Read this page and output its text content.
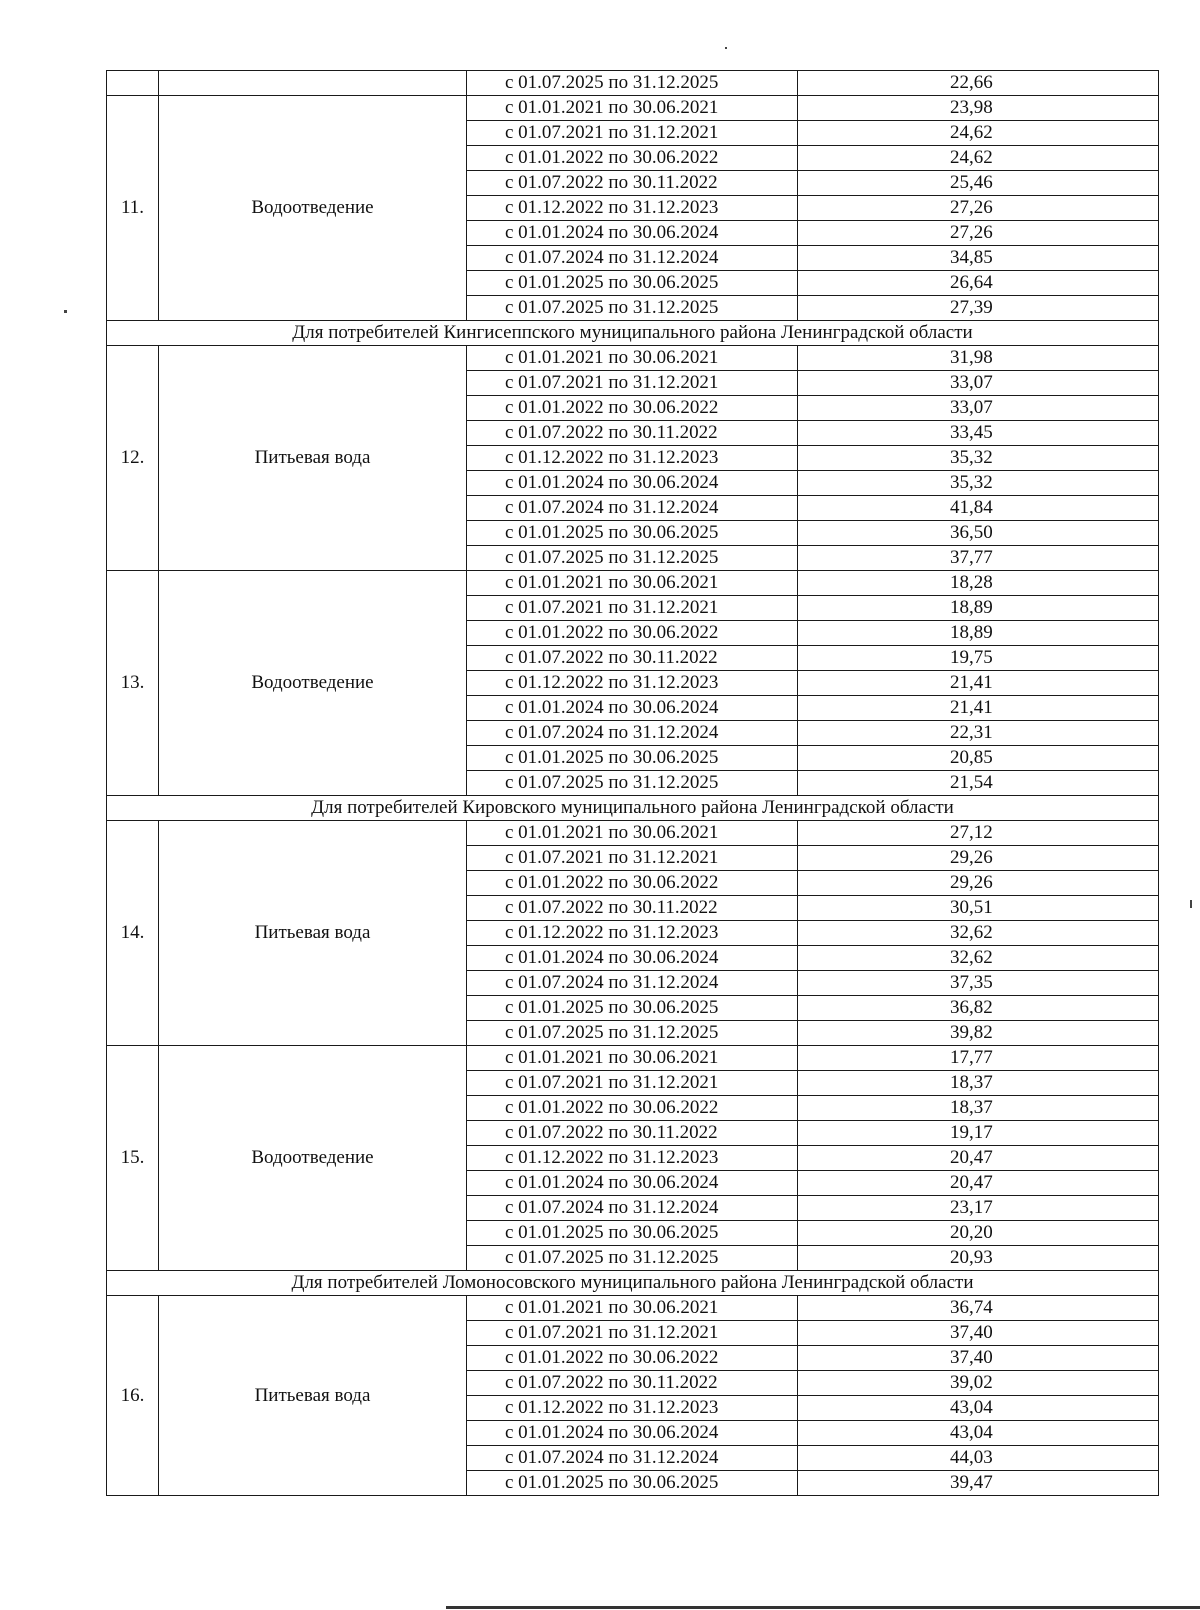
		с 01.07.2025 по 31.12.2025	22,66
11.	Водоотведение	с 01.01.2021 по 30.06.2021	23,98
		с 01.07.2021 по 31.12.2021	24,62
		с 01.01.2022 по 30.06.2022	24,62
		с 01.07.2022 по 30.11.2022	25,46
		с 01.12.2022 по 31.12.2023	27,26
		с 01.01.2024 по 30.06.2024	27,26
		с 01.07.2024 по 31.12.2024	34,85
		с 01.01.2025 по 30.06.2025	26,64
		с 01.07.2025 по 31.12.2025	27,39
Для потребителей Кингисеппского муниципального района Ленинградской области			
12.	Питьевая вода	с 01.01.2021 по 30.06.2021	31,98
		с 01.07.2021 по 31.12.2021	33,07
		с 01.01.2022 по 30.06.2022	33,07
		с 01.07.2022 по 30.11.2022	33,45
		с 01.12.2022 по 31.12.2023	35,32
		с 01.01.2024 по 30.06.2024	35,32
		с 01.07.2024 по 31.12.2024	41,84
		с 01.01.2025 по 30.06.2025	36,50
		с 01.07.2025 по 31.12.2025	37,77
13.	Водоотведение	с 01.01.2021 по 30.06.2021	18,28
		с 01.07.2021 по 31.12.2021	18,89
		с 01.01.2022 по 30.06.2022	18,89
		с 01.07.2022 по 30.11.2022	19,75
		с 01.12.2022 по 31.12.2023	21,41
		с 01.01.2024 по 30.06.2024	21,41
		с 01.07.2024 по 31.12.2024	22,31
		с 01.01.2025 по 30.06.2025	20,85
		с 01.07.2025 по 31.12.2025	21,54
Для потребителей Кировского муниципального района Ленинградской области			
14.	Питьевая вода	с 01.01.2021 по 30.06.2021	27,12
		с 01.07.2021 по 31.12.2021	29,26
		с 01.01.2022 по 30.06.2022	29,26
		с 01.07.2022 по 30.11.2022	30,51
		с 01.12.2022 по 31.12.2023	32,62
		с 01.01.2024 по 30.06.2024	32,62
		с 01.07.2024 по 31.12.2024	37,35
		с 01.01.2025 по 30.06.2025	36,82
		с 01.07.2025 по 31.12.2025	39,82
15.	Водоотведение	с 01.01.2021 по 30.06.2021	17,77
		с 01.07.2021 по 31.12.2021	18,37
		с 01.01.2022 по 30.06.2022	18,37
		с 01.07.2022 по 30.11.2022	19,17
		с 01.12.2022 по 31.12.2023	20,47
		с 01.01.2024 по 30.06.2024	20,47
		с 01.07.2024 по 31.12.2024	23,17
		с 01.01.2025 по 30.06.2025	20,20
		с 01.07.2025 по 31.12.2025	20,93
Для потребителей Ломоносовского муниципального района Ленинградской области			
16.	Питьевая вода	с 01.01.2021 по 30.06.2021	36,74
		с 01.07.2021 по 31.12.2021	37,40
		с 01.01.2022 по 30.06.2022	37,40
		с 01.07.2022 по 30.11.2022	39,02
		с 01.12.2022 по 31.12.2023	43,04
		с 01.01.2024 по 30.06.2024	43,04
		с 01.07.2024 по 31.12.2024	44,03
		с 01.01.2025 по 30.06.2025	39,47
